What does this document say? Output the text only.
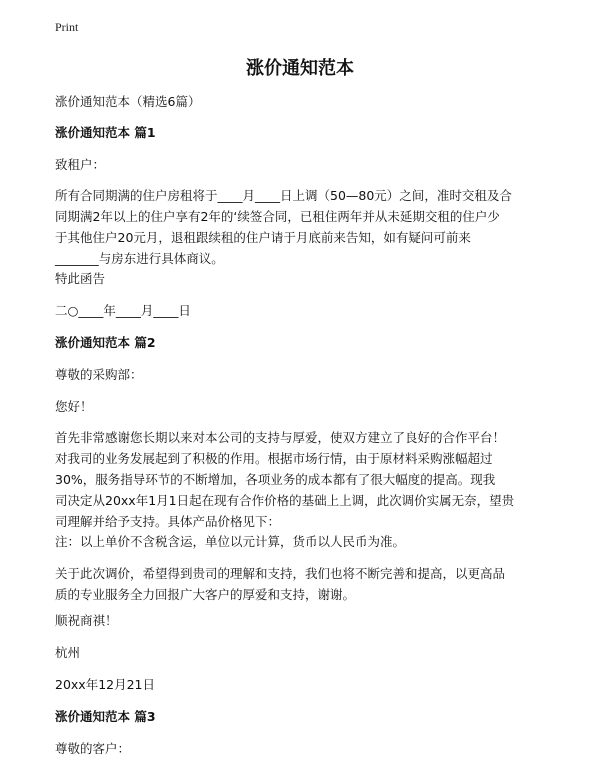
Print
涨价通知范本
涨价通知范本（精选6篇）
涨价通知范本 篇1
致租户：
所有合同期满的住户房租将于____月____日上调（50—80元）之间，准时交租及合
同期满2年以上的住户享有2年的‘续签合同，已租住两年并从未延期交租的住户少
于其他住户20元月，退租跟续租的住户请于月底前来告知，如有疑问可前来
_______与房东进行具体商议。
特此函告
二○____年____月____日
涨价通知范本 篇2
尊敬的采购部：
您好！
首先非常感谢您长期以来对本公司的支持与厚爱，使双方建立了良好的合作平台！
对我司的业务发展起到了积极的作用。根据市场行情，由于原材料采购涨幅超过
30%，服务指导环节的不断增加，各项业务的成本都有了很大幅度的提高。现我
司决定从20xx年1月1日起在现有合作价格的基础上上调，此次调价实属无奈，望贵
司理解并给予支持。具体产品价格见下：
注：以上单价不含税含运，单位以元计算，货币以人民币为准。
关于此次调价，希望得到贵司的理解和支持，我们也将不断完善和提高，以更高品
质的专业服务全力回报广大客户的厚爱和支持，谢谢。
顺祝商祺！
杭州
20xx年12月21日
涨价通知范本 篇3
尊敬的客户：
